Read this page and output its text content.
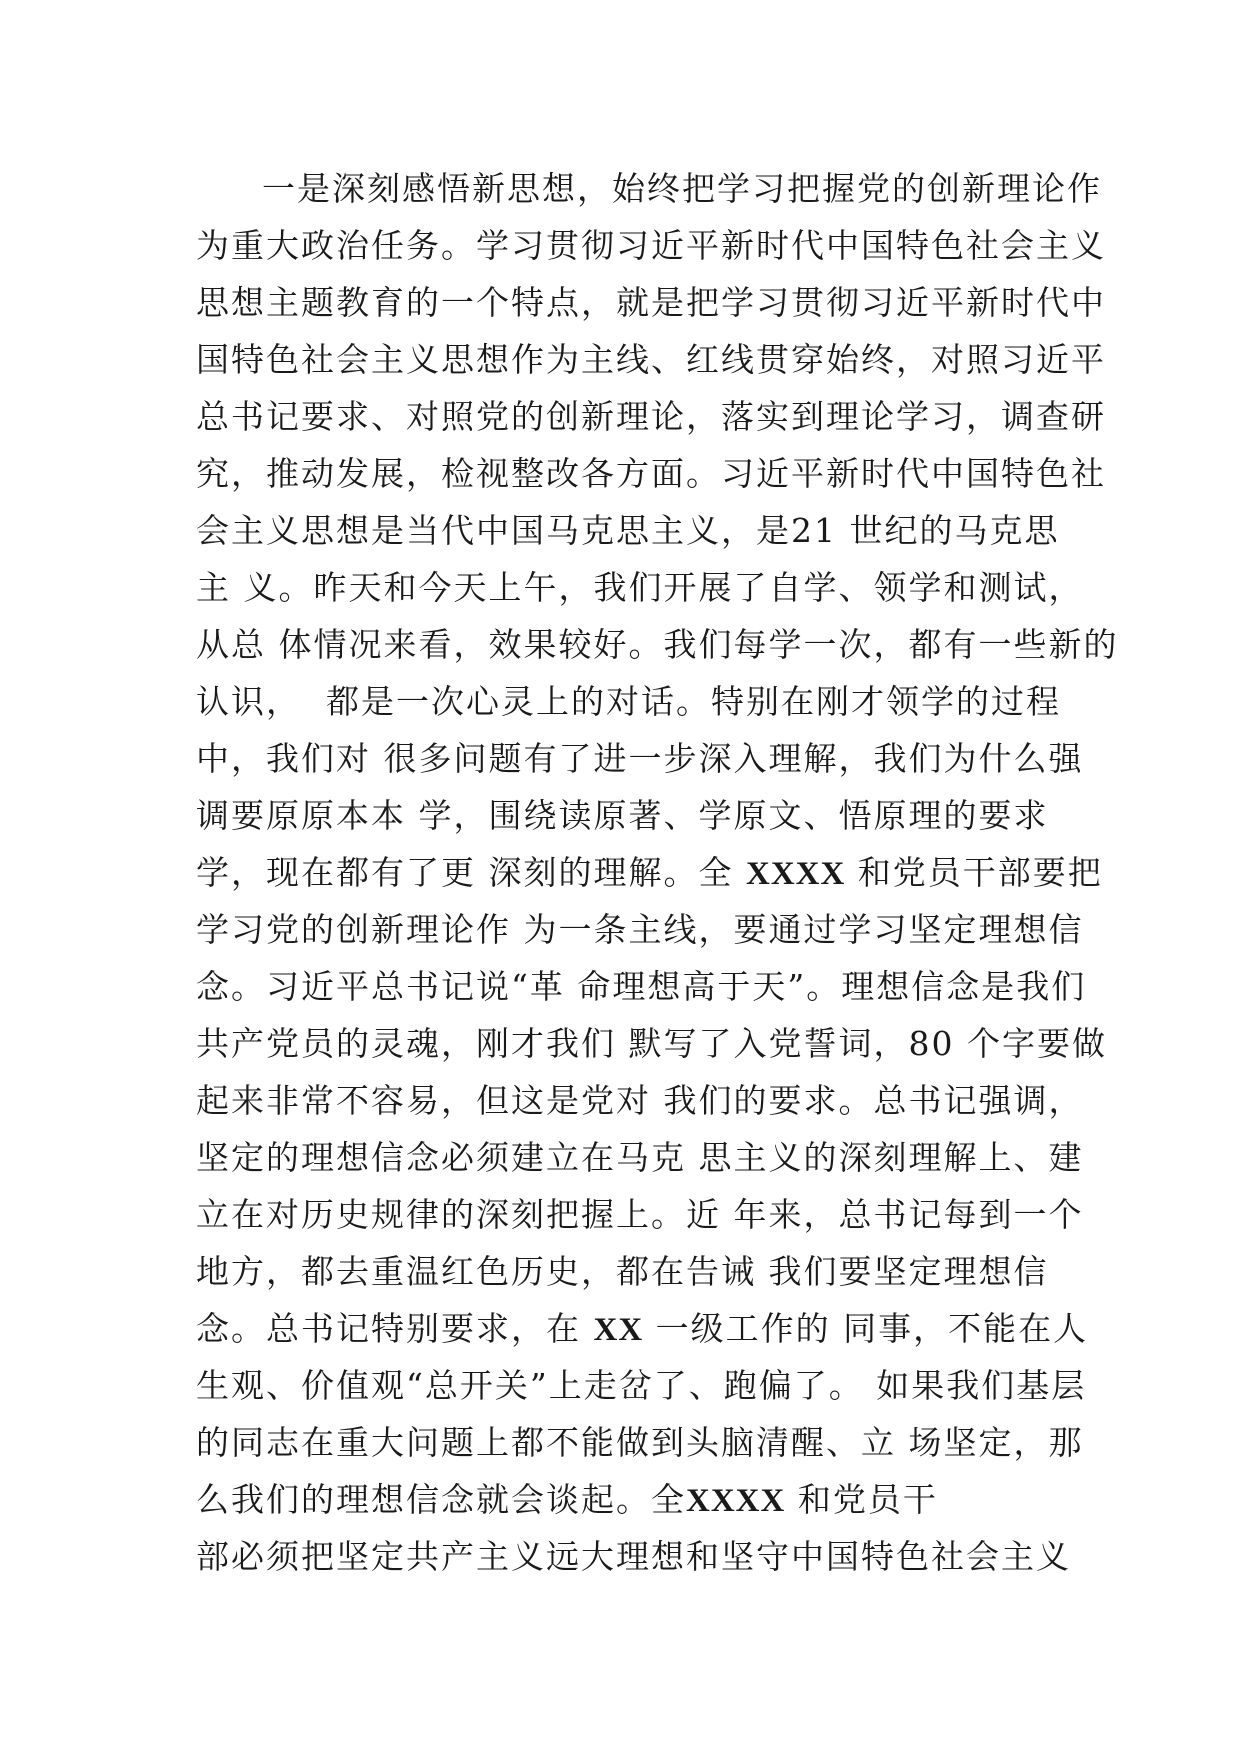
一是深刻感悟新思想，始终把学习把握党的创新理论作
为重大政治任务。学习贯彻习近平新时代中国特色社会主义
思想主题教育的一个特点，就是把学习贯彻习近平新时代中
国特色社会主义思想作为主线、红线贯穿始终，对照习近平
总书记要求、对照党的创新理论，落实到理论学习，调查研
究，推动发展，检视整改各方面。习近平新时代中国特色社
会主义思想是当代中国马克思主义，是21 世纪的马克思
主 义。昨天和今天上午，我们开展了自学、领学和测试，
从总 体情况来看，效果较好。我们每学一次，都有一些新的
认识，  都是一次心灵上的对话。特别在刚才领学的过程
中，我们对 很多问题有了进一步深入理解，我们为什么强
调要原原本本 学，围绕读原著、学原文、悟原理的要求
学，现在都有了更 深刻的理解。全 XXXX 和党员干部要把
学习党的创新理论作 为一条主线，要通过学习坚定理想信
念。习近平总书记说“革 命理想高于天”。理想信念是我们
共产党员的灵魂，刚才我们 默写了入党誓词，80 个字要做
起来非常不容易，但这是党对 我们的要求。总书记强调，
坚定的理想信念必须建立在马克 思主义的深刻理解上、建
立在对历史规律的深刻把握上。近 年来，总书记每到一个
地方，都去重温红色历史，都在告诫 我们要坚定理想信
念。总书记特别要求，在 XX 一级工作的 同事，不能在人
生观、价值观“总开关”上走岔了、跑偏了。 如果我们基层
的同志在重大问题上都不能做到头脑清醒、立 场坚定，那
么我们的理想信念就会谈起。全XXXX 和党员干
部必须把坚定共产主义远大理想和坚守中国特色社会主义
